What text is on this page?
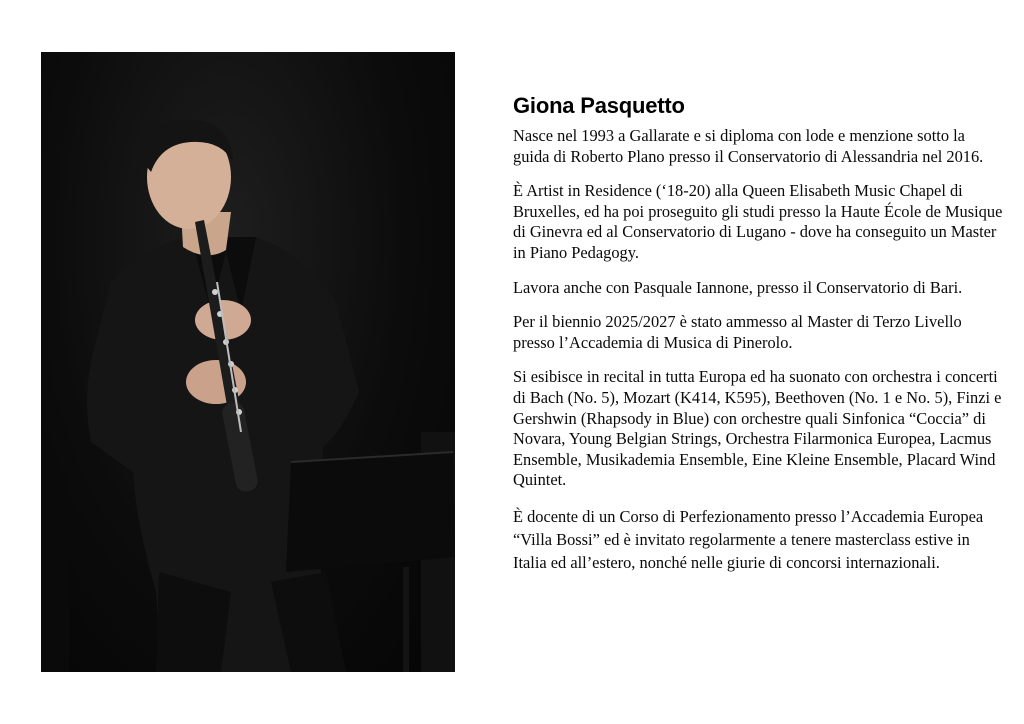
Giona Pasquetto

Nasce nel 1993 a Gallarate e si diploma con lode e menzione sotto la guida di Roberto Plano presso il Conservatorio di Alessandria nel 2016.

È Artist in Residence (‘18-20) alla Queen Elisabeth Music Chapel di Bruxelles, ed ha poi proseguito gli studi presso la Haute École de Musique di Ginevra ed al Conservatorio di Lugano - dove ha conseguito un Master in Piano Pedagogy.

Lavora anche con Pasquale Iannone, presso il Conservatorio di Bari.

Per il biennio 2025/2027 è stato ammesso al Master di Terzo Livello presso l’Accademia di Musica di Pinerolo.

Si esibisce in recital in tutta Europa ed ha suonato con orchestra i concerti di Bach (No. 5), Mozart (K414, K595), Beethoven (No. 1 e No. 5), Finzi e Gershwin (Rhapsody in Blue) con orchestre quali Sinfonica “Coccia” di Novara, Young Belgian Strings, Orchestra Filarmonica Europea, Lacmus Ensemble, Musikademia Ensemble, Eine Kleine Ensemble, Placard Wind Quintet.

È docente di un Corso di Perfezionamento presso l’Accademia Europea “Villa Bossi” ed è invitato regolarmente a tenere masterclass estive in Italia ed all’estero, nonché nelle giurie di concorsi internazionali.
